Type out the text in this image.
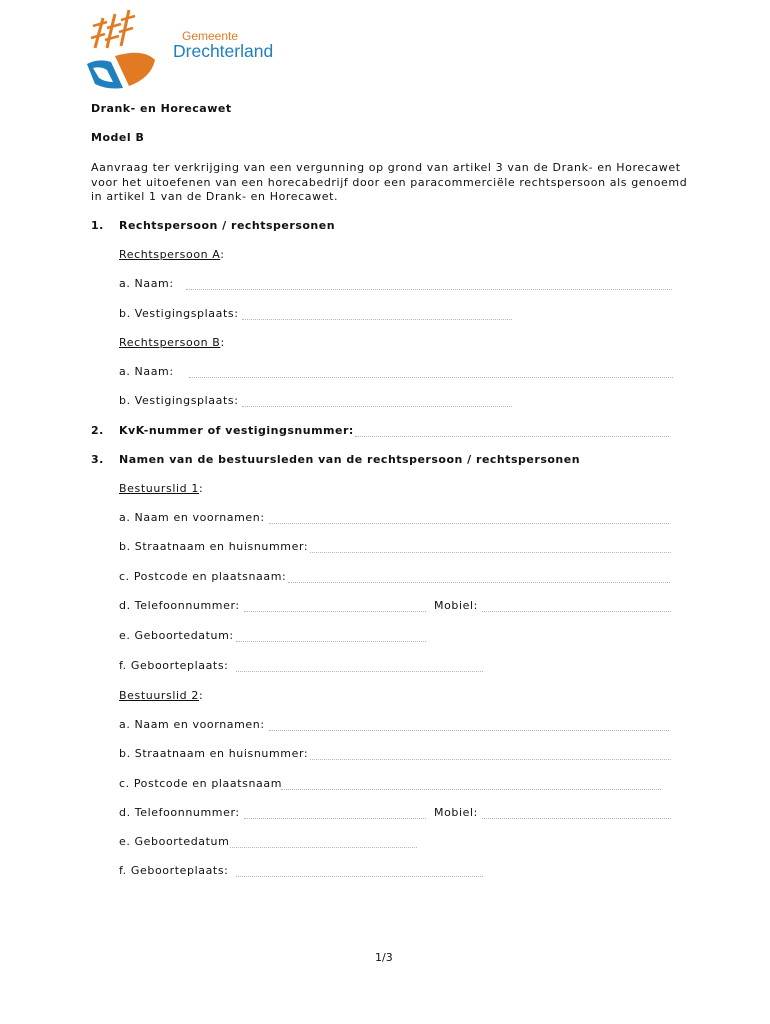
Gemeente
Drechterland
Drank- en Horecawet
Model B
Aanvraag ter verkrijging van een vergunning op grond van artikel 3 van de Drank- en Horecawet
voor het uitoefenen van een horecabedrijf door een paracommerciële rechtspersoon als genoemd
in artikel 1 van de Drank- en Horecawet.
1. Rechtspersoon / rechtspersonen
Rechtspersoon A:
a. Naam:
b. Vestigingsplaats:
Rechtspersoon B:
a. Naam:
b. Vestigingsplaats:
2. KvK-nummer of vestigingsnummer:
3. Namen van de bestuursleden van de rechtspersoon / rechtspersonen
Bestuurslid 1:
a. Naam en voornamen:
b. Straatnaam en huisnummer:
c. Postcode en plaatsnaam:
d. Telefoonnummer:	Mobiel:
e. Geboortedatum:
f. Geboorteplaats:
Bestuurslid 2:
a. Naam en voornamen:
b. Straatnaam en huisnummer:
c. Postcode en plaatsnaam
d. Telefoonnummer:	Mobiel:
e. Geboortedatum
f. Geboorteplaats:
1/3
